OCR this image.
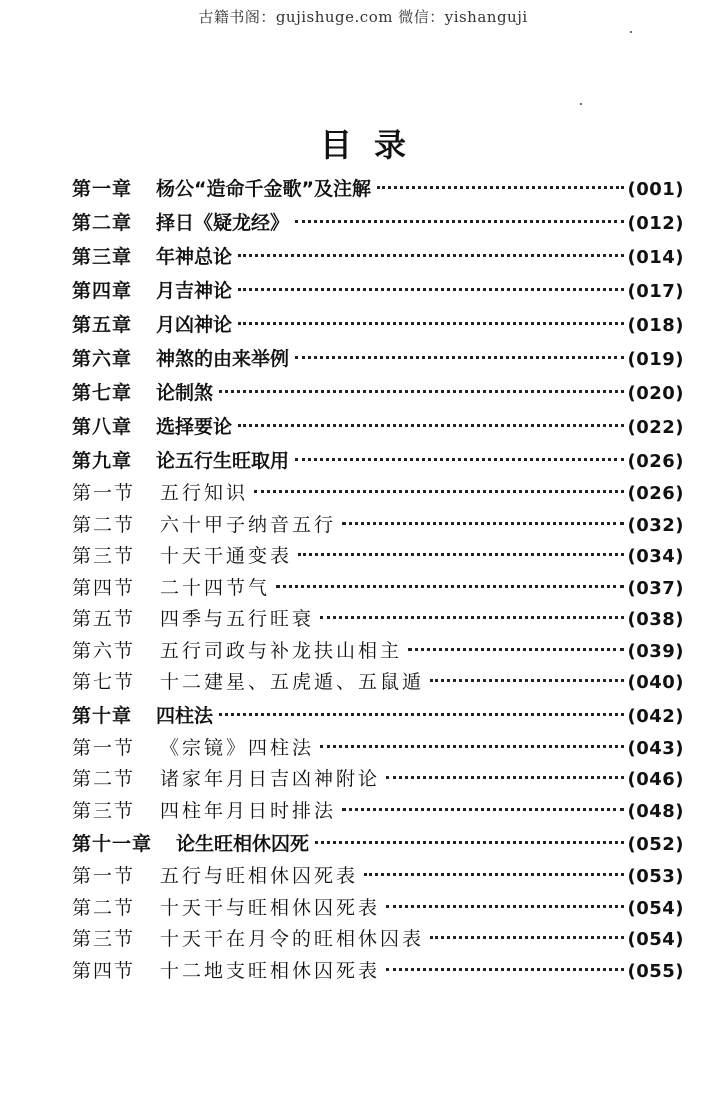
古籍书阁：gujishuge.com 微信：yishanguji
目录
第一章	杨公“造命千金歌”及注解	(001)
第二章	择日《疑龙经》	(012)
第三章	年神总论	(014)
第四章	月吉神论	(017)
第五章	月凶神论	(018)
第六章	神煞的由来举例	(019)
第七章	论制煞	(020)
第八章	选择要论	(022)
第九章	论五行生旺取用	(026)
第一节	五行知识	(026)
第二节	六十甲子纳音五行	(032)
第三节	十天干通变表	(034)
第四节	二十四节气	(037)
第五节	四季与五行旺衰	(038)
第六节	五行司政与补龙扶山相主	(039)
第七节	十二建星、五虎遁、五鼠遁	(040)
第十章	四柱法	(042)
第一节	《宗镜》四柱法	(043)
第二节	诸家年月日吉凶神附论	(046)
第三节	四柱年月日时排法	(048)
第十一章	论生旺相休囚死	(052)
第一节	五行与旺相休囚死表	(053)
第二节	十天干与旺相休囚死表	(054)
第三节	十天干在月令的旺相休囚表	(054)
第四节	十二地支旺相休囚死表	(055)
